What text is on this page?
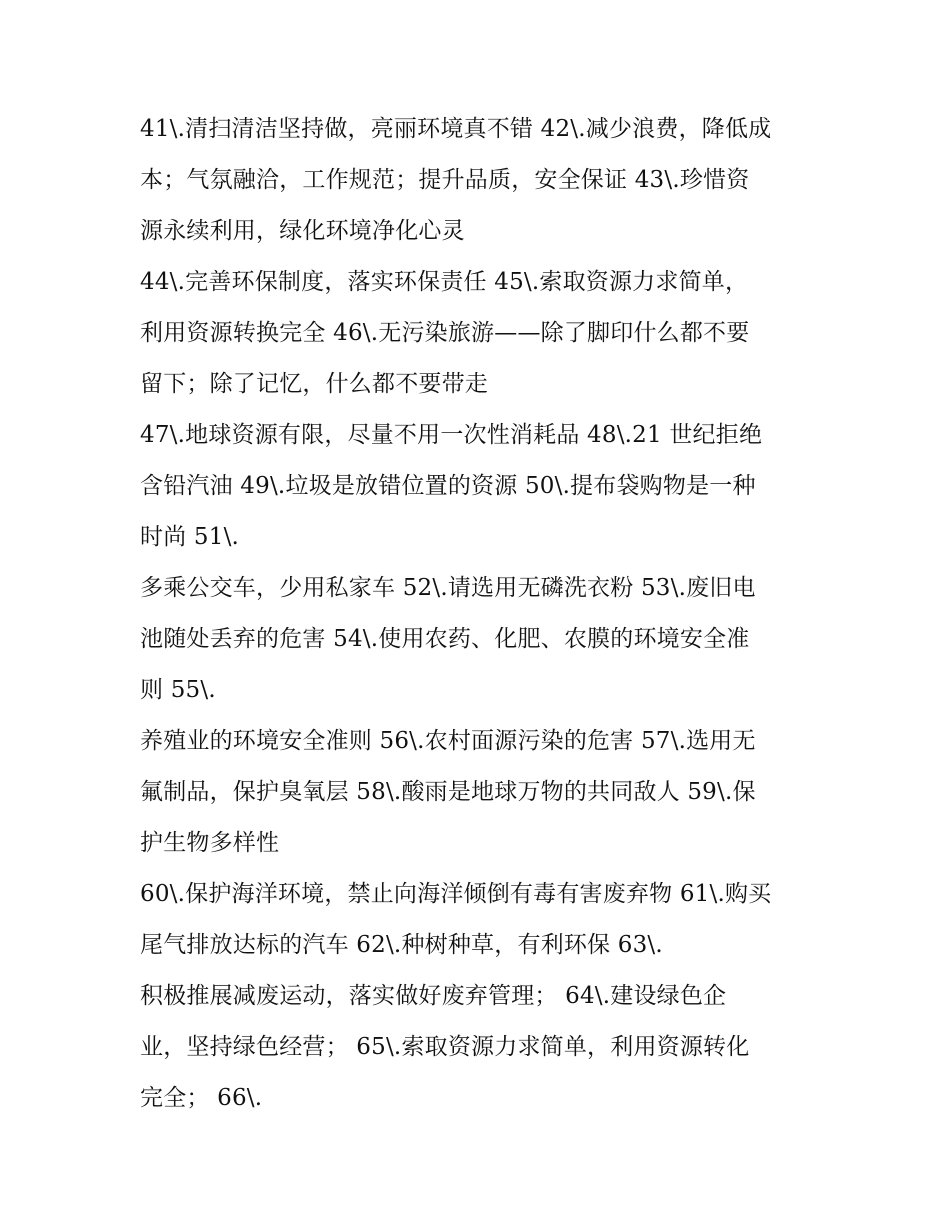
41\.清扫清洁坚持做，亮丽环境真不错 42\.减少浪费，降低成
本；气氛融洽，工作规范；提升品质，安全保证 43\.珍惜资
源永续利用，绿化环境净化心灵
44\.完善环保制度，落实环保责任 45\.索取资源力求简单，
利用资源转换完全 46\.无污染旅游——除了脚印什么都不要
留下；除了记忆，什么都不要带走
47\.地球资源有限，尽量不用一次性消耗品 48\.21 世纪拒绝
含铅汽油 49\.垃圾是放错位置的资源 50\.提布袋购物是一种
时尚 51\.
多乘公交车，少用私家车 52\.请选用无磷洗衣粉 53\.废旧电
池随处丢弃的危害 54\.使用农药、化肥、农膜的环境安全准
则 55\.
养殖业的环境安全准则 56\.农村面源污染的危害 57\.选用无
氟制品，保护臭氧层 58\.酸雨是地球万物的共同敌人 59\.保
护生物多样性
60\.保护海洋环境，禁止向海洋倾倒有毒有害废弃物 61\.购买
尾气排放达标的汽车 62\.种树种草，有利环保 63\.
积极推展减废运动，落实做好废弃管理； 64\.建设绿色企
业，坚持绿色经营； 65\.索取资源力求简单，利用资源转化
完全； 66\.
